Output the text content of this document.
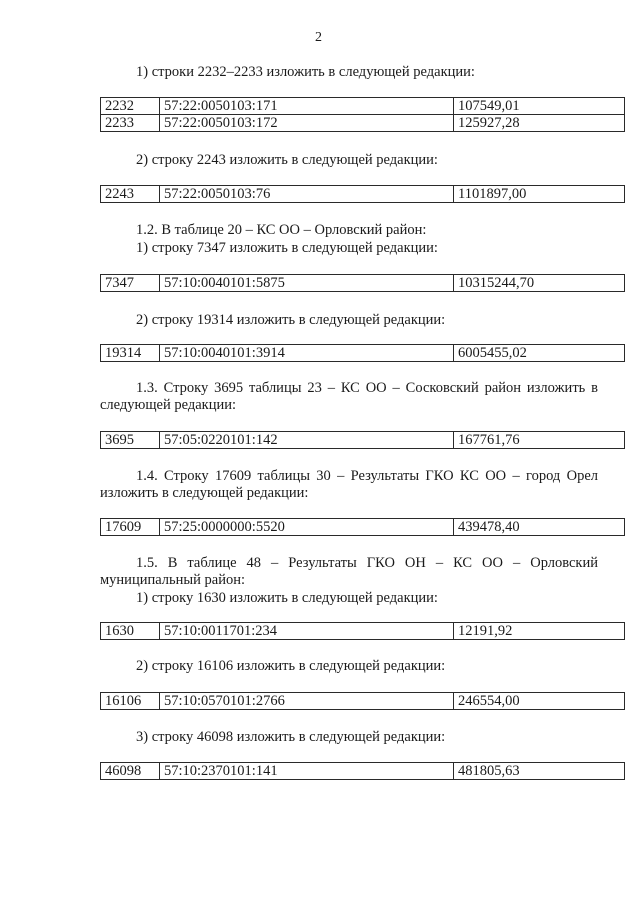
2
1) строки 2232–2233 изложить в следующей редакции:
2232	57:22:0050103:171	107549,01
2233	57:22:0050103:172	125927,28
2) строку 2243 изложить в следующей редакции:
2243	57:22:0050103:76	1101897,00
1.2. В таблице 20 – КС ОО – Орловский район:
1) строку 7347 изложить в следующей редакции:
7347	57:10:0040101:5875	10315244,70
2) строку 19314 изложить в следующей редакции:
19314	57:10:0040101:3914	6005455,02
1.3. Строку 3695 таблицы 23 – КС ОО – Сосковский район изложить в следующей редакции:
3695	57:05:0220101:142	167761,76
1.4. Строку 17609 таблицы 30 – Результаты ГКО КС ОО – город Орел изложить в следующей редакции:
17609	57:25:0000000:5520	439478,40
1.5. В таблице 48 – Результаты ГКО ОН – КС ОО – Орловский муниципальный район:
1) строку 1630 изложить в следующей редакции:
1630	57:10:0011701:234	12191,92
2) строку 16106 изложить в следующей редакции:
16106	57:10:0570101:2766	246554,00
3) строку 46098 изложить в следующей редакции:
46098	57:10:2370101:141	481805,63
